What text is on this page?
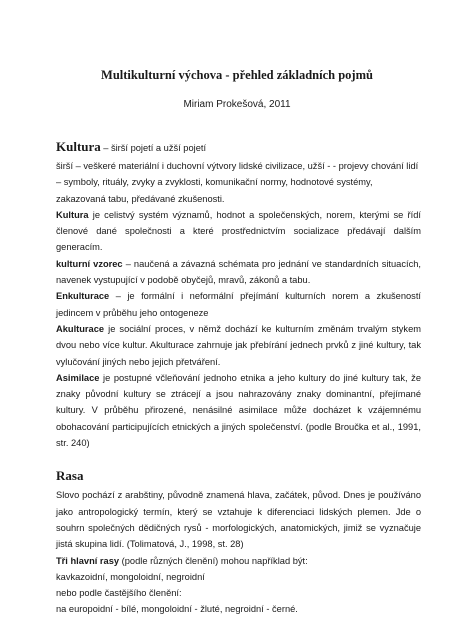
Multikulturní výchova - přehled základních pojmů
Miriam Prokešová, 2011

Kultura – širší pojetí a užší pojetí

širší – veškeré materiální i duchovní výtvory lidské civilizace, užší - - projevy chování lidí – symboly, rituály, zvyky a zvyklosti, komunikační normy, hodnotové systémy, zakazovaná tabu, předávané zkušenosti.

Kultura je celistvý systém významů, hodnot a společenských, norem, kterými se řídí členové dané společnosti a které prostřednictvím socializace předávají dalším generacím.

kulturní vzorec – naučená a závazná schémata pro jednání ve standardních situacích, navenek vystupující v podobě obyčejů, mravů, zákonů a tabu.

Enkulturace – je formální i neformální přejímání kulturních norem a zkušeností jedincem v průběhu jeho ontogeneze

Akulturace je sociální proces, v němž dochází ke kulturním změnám trvalým stykem dvou nebo více kultur. Akulturace zahrnuje jak přebírání jednech prvků z jiné kultury, tak vylučování jiných nebo jejich přetváření.

Asimilace je postupné včleňování jednoho etnika a jeho kultury do jiné kultury tak, že znaky původní kultury se ztrácejí a jsou nahrazovány znaky dominantní, přejímané kultury. V průběhu přirozené, nenásilné asimilace může docházet k vzájemnému obohacování participujících etnických a jiných společenství. (podle Broučka et al., 1991, str. 240)

Rasa

Slovo pochází z arabštiny, původně znamená hlava, začátek, původ. Dnes je používáno jako antropologický termín, který se vztahuje k diferenciaci lidských plemen. Jde o souhrn společných dědičných rysů - morfologických, anatomických, jimiž se vyznačuje jistá skupina lidí. (Tolimatová, J., 1998, st. 28)

Tři hlavní rasy (podle různých členění) mohou například být:

kavkazoidní, mongoloidní, negroidní

nebo podle častějšího členění:

na europoidní - bílé, mongoloidní - žluté, negroidní - černé.
